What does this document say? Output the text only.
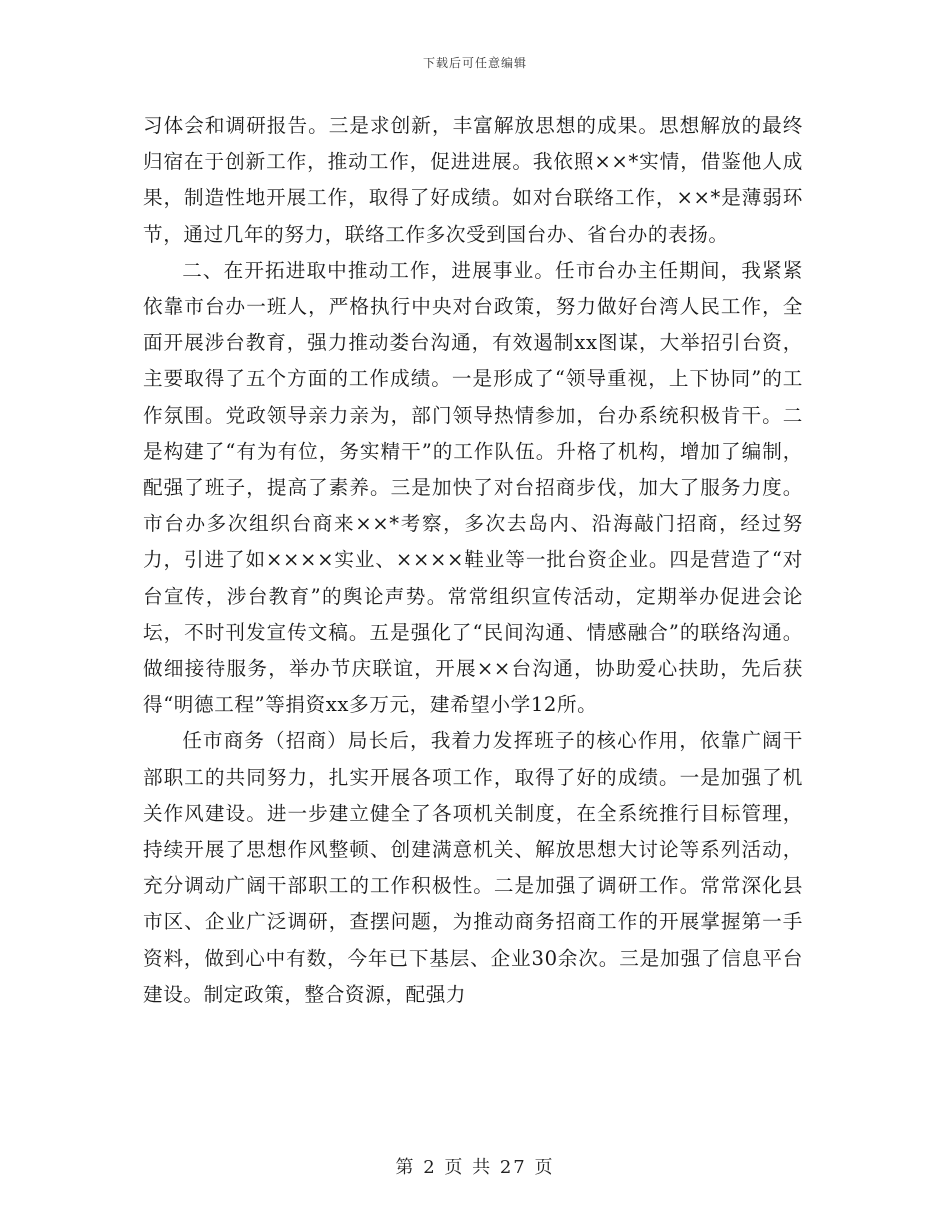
下载后可任意编辑

习体会和调研报告。三是求创新，丰富解放思想的成果。思想解放的最终归宿在于创新工作，推动工作，促进进展。我依照××*实情，借鉴他人成果，制造性地开展工作，取得了好成绩。如对台联络工作，××*是薄弱环节，通过几年的努力，联络工作多次受到国台办、省台办的表扬。

二、在开拓进取中推动工作，进展事业。任市台办主任期间，我紧紧依靠市台办一班人，严格执行中央对台政策，努力做好台湾人民工作，全面开展涉台教育，强力推动娄台沟通，有效遏制xx图谋，大举招引台资，主要取得了五个方面的工作成绩。一是形成了“领导重视，上下协同”的工作氛围。党政领导亲力亲为，部门领导热情参加，台办系统积极肯干。二是构建了“有为有位，务实精干”的工作队伍。升格了机构，增加了编制，配强了班子，提高了素养。三是加快了对台招商步伐，加大了服务力度。市台办多次组织台商来××*考察，多次去岛内、沿海敲门招商，经过努力，引进了如××××实业、××××鞋业等一批台资企业。四是营造了“对台宣传，涉台教育”的舆论声势。常常组织宣传活动，定期举办促进会论坛，不时刊发宣传文稿。五是强化了“民间沟通、情感融合”的联络沟通。做细接待服务，举办节庆联谊，开展××台沟通，协助爱心扶助，先后获得“明德工程”等捐资xx多万元，建希望小学12所。

任市商务（招商）局长后，我着力发挥班子的核心作用，依靠广阔干部职工的共同努力，扎实开展各项工作，取得了好的成绩。一是加强了机关作风建设。进一步建立健全了各项机关制度，在全系统推行目标管理，持续开展了思想作风整顿、创建满意机关、解放思想大讨论等系列活动，充分调动广阔干部职工的工作积极性。二是加强了调研工作。常常深化县市区、企业广泛调研，查摆问题，为推动商务招商工作的开展掌握第一手资料，做到心中有数，今年已下基层、企业30余次。三是加强了信息平台建设。制定政策，整合资源，配强力

第 2 页 共 27 页
